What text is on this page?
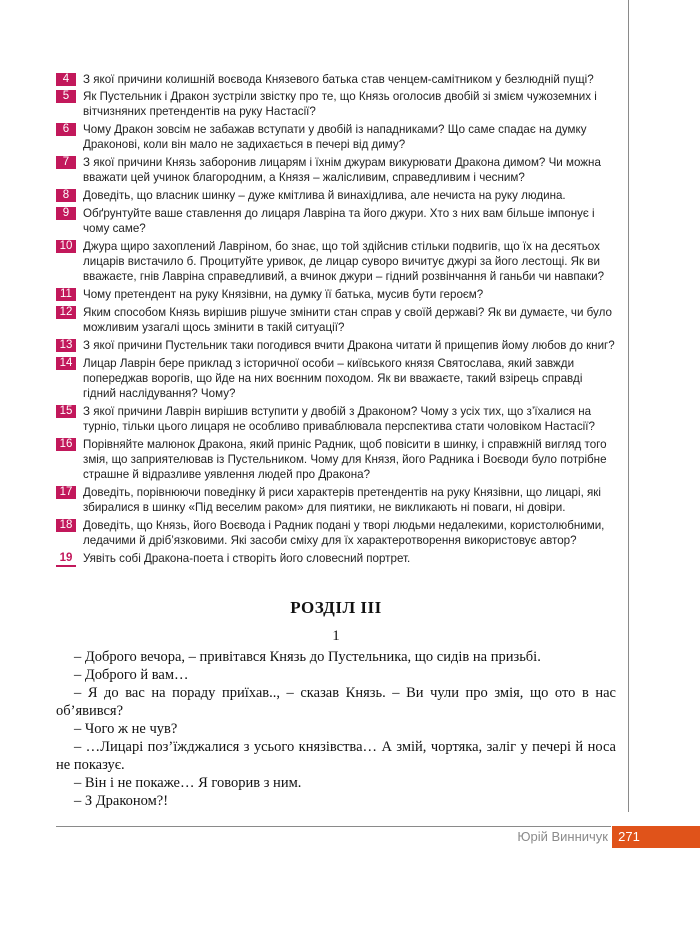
4	З якої причини колишній воєвода Князевого батька став ченцем-самітником у безлюдній пущі?
5	Як Пустельник і Дракон зустріли звістку про те, що Князь оголосив двобій зі змієм чужоземних і вітчизняних претендентів на руку Настасії?
6	Чому Дракон зовсім не забажав вступати у двобій із нападниками? Що саме спадає на думку Драконові, коли він мало не задихається в печері від диму?
7	З якої причини Князь заборонив лицарям і їхнім джурам викурювати Дракона димом? Чи можна вважати цей учинок благородним, а Князя – жалісливим, справедливим і чесним?
8	Доведіть, що власник шинку – дуже кмітлива й винахідлива, але нечиста на руку людина.
9	Обґрунтуйте ваше ставлення до лицаря Лавріна та його джури. Хто з них вам більше імпонує і чому саме?
10 Джура щиро захоплений Лавріном, бо знає, що той здійснив стільки подвигів, що їх на десятьох лицарів вистачило б. Процитуйте уривок, де лицар суворо вичитує джурі за його лестощі. Як ви вважаєте, гнів Лавріна справедливий, а вчинок джури – гідний розвінчання й ганьби чи навпаки?
11 Чому претендент на руку Князівни, на думку її батька, мусив бути героєм?
12 Яким способом Князь вирішив рішуче змінити стан справ у своїй державі? Як ви думаєте, чи було можливим узагалі щось змінити в такій ситуації?
13 З якої причини Пустельник таки погодився вчити Дракона читати й прищепив йому любов до книг?
14 Лицар Лаврін бере приклад з історичної особи – київського князя Святослава, який завжди попереджав ворогів, що йде на них воєнним походом. Як ви вважаєте, такий взірець справді гідний наслідування? Чому?
15 З якої причини Лаврін вирішив вступити у двобій з Драконом? Чому з усіх тих, що з’їхалися на турніо, тільки цього лицаря не особливо приваблювала перспектива стати чоловіком Настасії?
16 Порівняйте малюнок Дракона, який приніс Радник, щоб повісити в шинку, і справжній вигляд того змія, що заприятелював із Пустельником. Чому для Князя, його Радника і Воєводи було потрібне страшне й відразливе уявлення людей про Дракона?
17 Доведіть, порівнюючи поведінку й риси характерів претендентів на руку Князівни, що лицарі, які збиралися в шинку «Під веселим раком» для пиятики, не викликають ні поваги, ні довіри.
18 Доведіть, що Князь, його Воєвода і Радник подані у творі людьми недалекими, користолюбними, ледачими й дріб’язковими. Які засоби сміху для їх характеротворення використовує автор?
19 Уявіть собі Дракона-поета і створіть його словесний портрет.
РОЗДІЛ ІІІ
1
– Доброго вечора, – привітався Князь до Пустельника, що сидів на призьбі.
– Доброго й вам…
– Я до вас на пораду приїхав.., – сказав Князь. – Ви чули про змія, що ото в нас об’явився?
– Чого ж не чув?
– …Лицарі поз’їжджалися з усього князівства… А змій, чортяка, заліг у печері й носа не показує.
– Він і не покаже… Я говорив з ним.
– З Драконом?!
Юрій Винничук 271
